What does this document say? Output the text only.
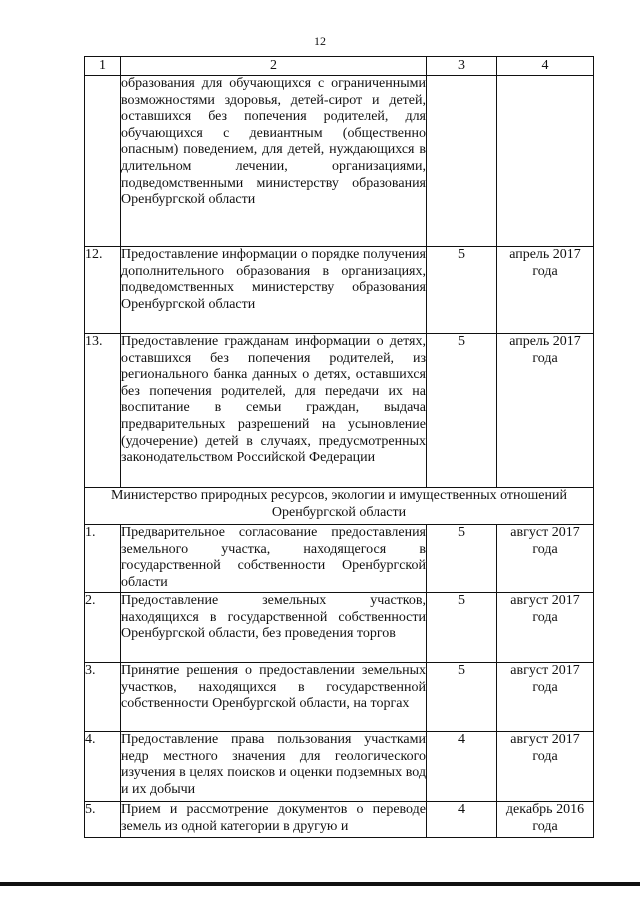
12
1	2	3	4
	образования для обучающихся с ограниченными возможностями здоровья, детей-сирот и детей, оставшихся без попечения родителей, для обучающихся с девиантным (общественно опасным) поведением, для детей, нуждающихся в длительном лечении, организациями, подведомственными министерству образования Оренбургской области		
12.	Предоставление информации о порядке получения дополнительного образования в организациях, подведомственных министерству образования Оренбургской области	5	апрель 2017 года
13.	Предоставление гражданам информации о детях, оставшихся без попечения родителей, из регионального банка данных о детях, оставшихся без попечения родителей, для передачи их на воспитание в семьи граждан, выдача предварительных разрешений на усыновление (удочерение) детей в случаях, предусмотренных законодательством Российской Федерации	5	апрель 2017 года
Министерство природных ресурсов, экологии и имущественных отношений Оренбургской области			
1.	Предварительное согласование предоставления земельного участка, находящегося в государственной собственности Оренбургской области	5	август 2017 года
2.	Предоставление земельных участков, находящихся в государственной собственности Оренбургской области, без проведения торгов	5	август 2017 года
3.	Принятие решения о предоставлении земельных участков, находящихся в государственной собственности Оренбургской области, на торгах	5	август 2017 года
4.	Предоставление права пользования участками недр местного значения для геологического изучения в целях поисков и оценки подземных вод и их добычи	4	август 2017 года
5.	Прием и рассмотрение документов о переводе земель из одной категории в другую и	4	декабрь 2016 года
